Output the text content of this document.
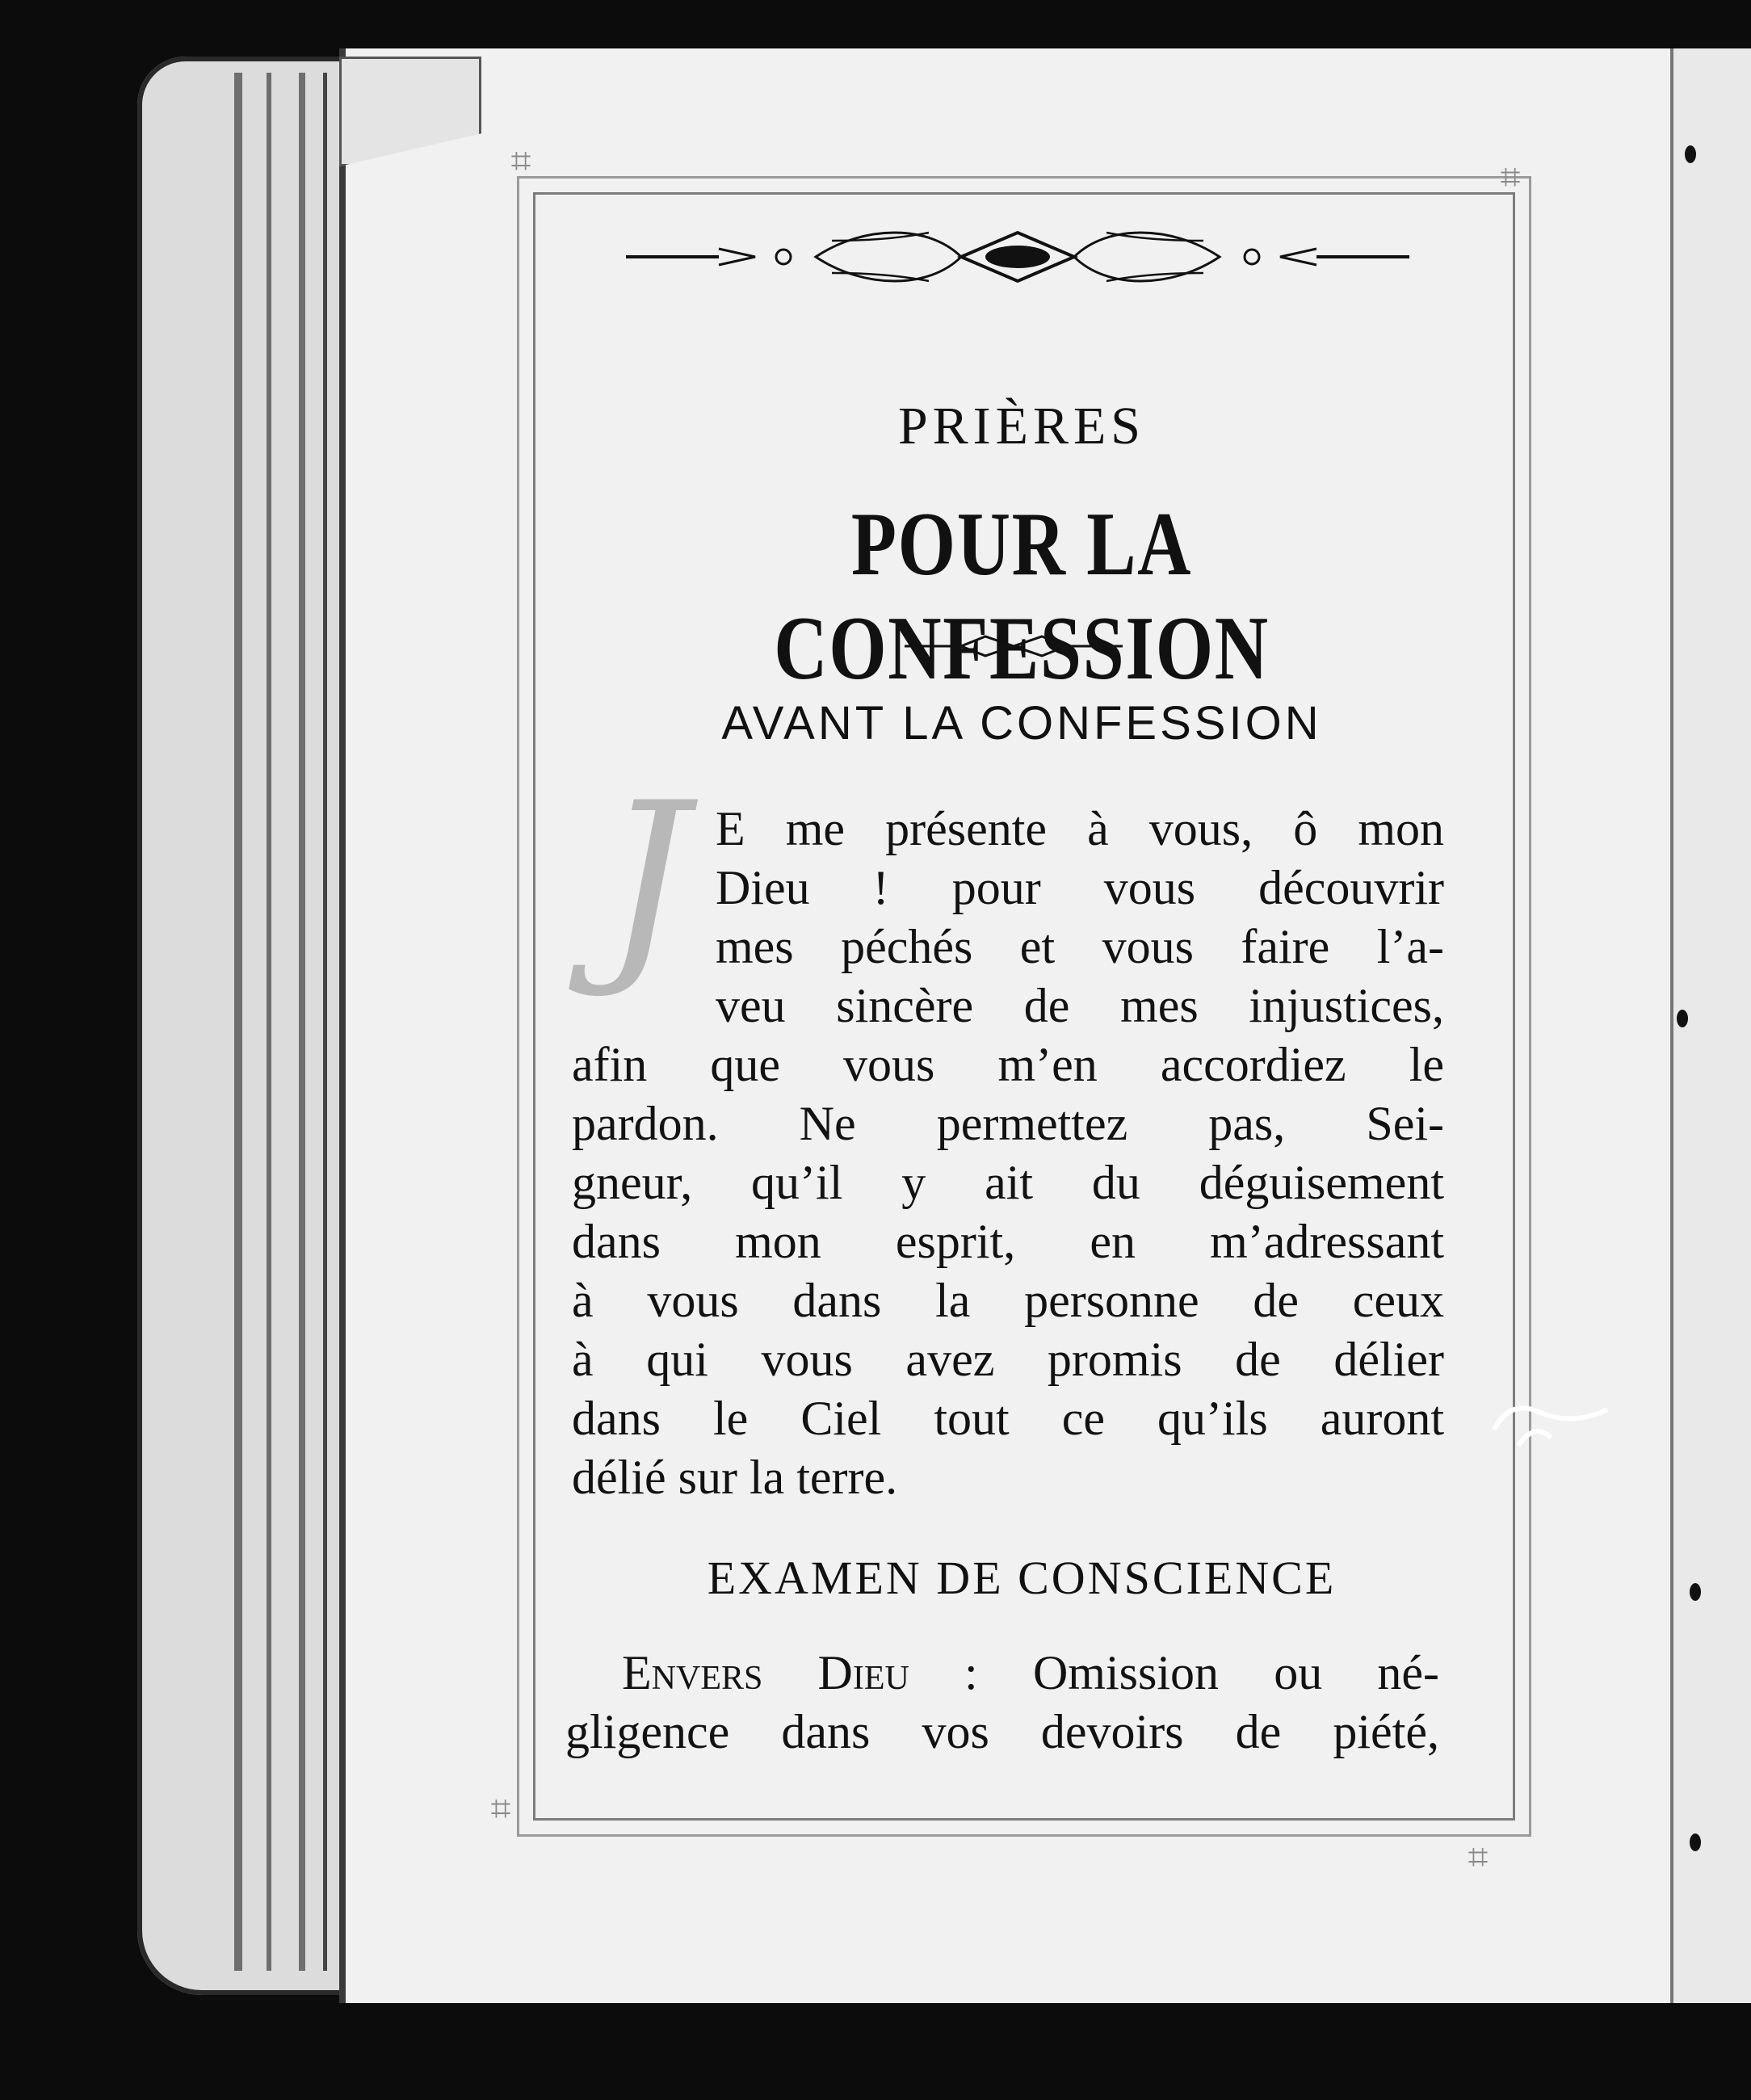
⌗	⌗
⌗
⌗
PRIÈRES
POUR LA CONFESSION
AVANT LA CONFESSION
J E me présente à vous, ô mon
Dieu ! pour vous découvrir
mes péchés et vous faire l’a-
veu sincère de mes injustices,
afin que vous m’en accordiez le
pardon. Ne permettez pas, Sei-
gneur, qu’il y ait du déguisement
dans mon esprit, en m’adressant
à vous dans la personne de ceux
à qui vous avez promis de délier
dans le Ciel tout ce qu’ils auront
délié sur la terre.
EXAMEN DE CONSCIENCE
Envers Dieu : Omission ou né-
gligence dans vos devoirs de piété,
